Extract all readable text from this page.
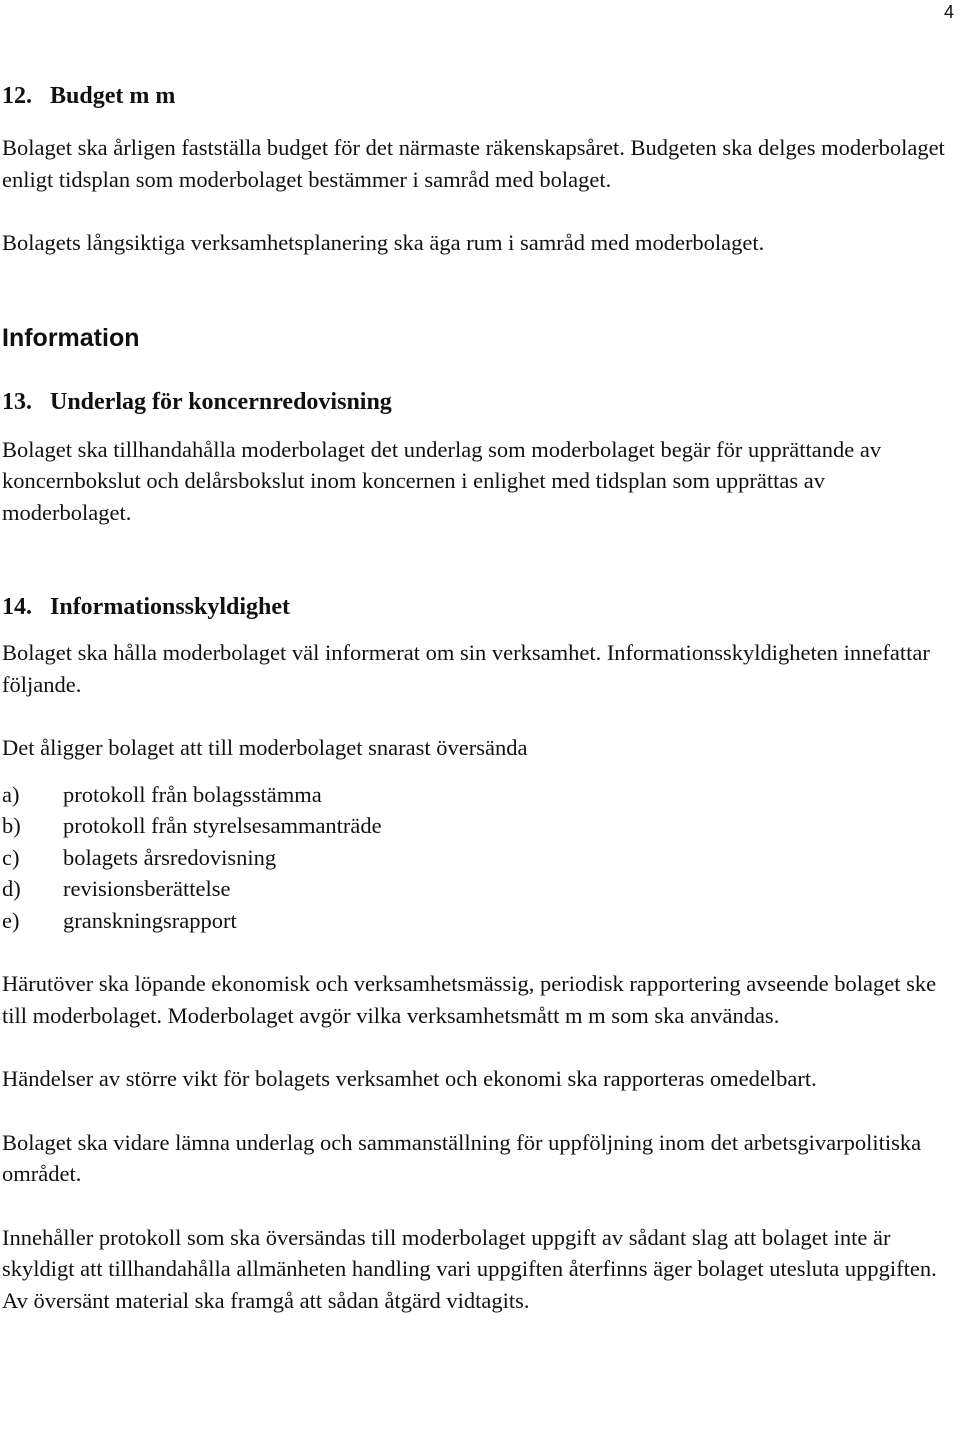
4
12. Budget m m

Bolaget ska årligen fastställa budget för det närmaste räkenskapsåret. Budgeten ska delges moderbolaget enligt tidsplan som moderbolaget bestämmer i samråd med bolaget.

Bolagets långsiktiga verksamhetsplanering ska äga rum i samråd med moderbolaget.

Information
13. Underlag för koncernredovisning

Bolaget ska tillhandahålla moderbolaget det underlag som moderbolaget begär för upprättande av koncernbokslut och delårsbokslut inom koncernen i enlighet med tidsplan som upprättas av moderbolaget.

14. Informationsskyldighet

Bolaget ska hålla moderbolaget väl informerat om sin verksamhet. Informationsskyldigheten innefattar följande.

Det åligger bolaget att till moderbolaget snarast översända

a) protokoll från bolagsstämma
b) protokoll från styrelsesammanträde
c) bolagets årsredovisning
d) revisionsberättelse
e) granskningsrapport

Härutöver ska löpande ekonomisk och verksamhetsmässig, periodisk rapportering avseende bolaget ske till moderbolaget. Moderbolaget avgör vilka verksamhetsmått m m som ska användas.

Händelser av större vikt för bolagets verksamhet och ekonomi ska rapporteras omedelbart.

Bolaget ska vidare lämna underlag och sammanställning för uppföljning inom det arbetsgivarpolitiska området.

Innehåller protokoll som ska översändas till moderbolaget uppgift av sådant slag att bolaget inte är skyldigt att tillhandahålla allmänheten handling vari uppgiften återfinns äger bolaget utesluta uppgiften. Av översänt material ska framgå att sådan åtgärd vidtagits.
